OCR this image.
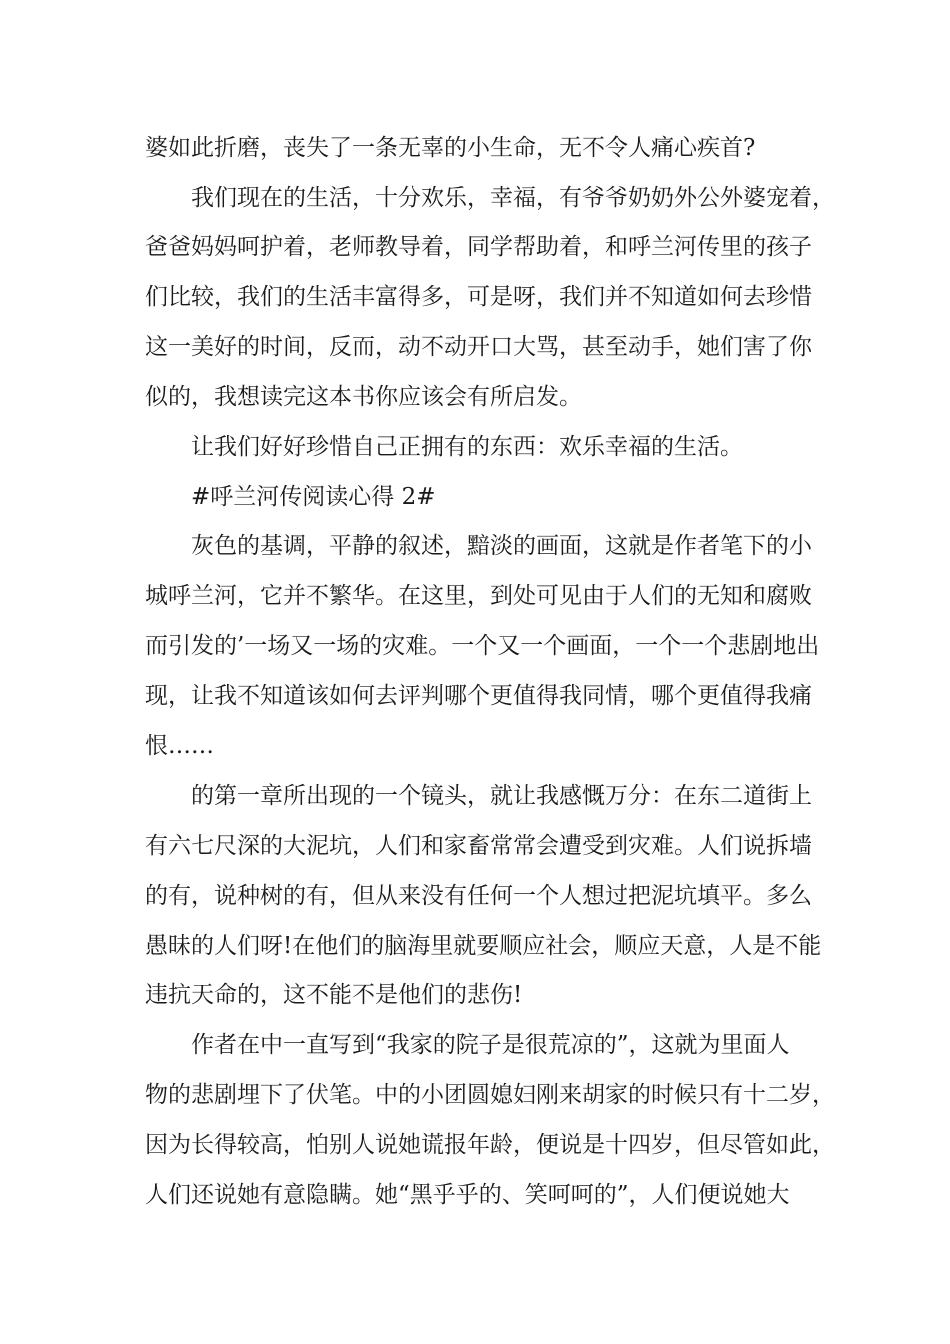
婆如此折磨，丧失了一条无辜的小生命，无不令人痛心疾首?

我们现在的生活，十分欢乐，幸福，有爷爷奶奶外公外婆宠着，

爸爸妈妈呵护着，老师教导着，同学帮助着，和呼兰河传里的孩子

们比较，我们的生活丰富得多，可是呀，我们并不知道如何去珍惜

这一美好的时间，反而，动不动开口大骂，甚至动手，她们害了你

似的，我想读完这本书你应该会有所启发。

让我们好好珍惜自己正拥有的东西：欢乐幸福的生活。

#呼兰河传阅读心得 2#

灰色的基调，平静的叙述，黯淡的画面，这就是作者笔下的小

城呼兰河，它并不繁华。在这里，到处可见由于人们的无知和腐败

而引发的’一场又一场的灾难。一个又一个画面，一个一个悲剧地出

现，让我不知道该如何去评判哪个更值得我同情，哪个更值得我痛

恨……

的第一章所出现的一个镜头，就让我感慨万分：在东二道街上

有六七尺深的大泥坑，人们和家畜常常会遭受到灾难。人们说拆墙

的有，说种树的有，但从来没有任何一个人想过把泥坑填平。多么

愚昧的人们呀!在他们的脑海里就要顺应社会，顺应天意，人是不能

违抗天命的，这不能不是他们的悲伤!

作者在中一直写到“我家的院子是很荒凉的”，这就为里面人

物的悲剧埋下了伏笔。中的小团圆媳妇刚来胡家的时候只有十二岁，

因为长得较高，怕别人说她谎报年龄，便说是十四岁，但尽管如此，

人们还说她有意隐瞒。她“黑乎乎的、笑呵呵的”，人们便说她大
